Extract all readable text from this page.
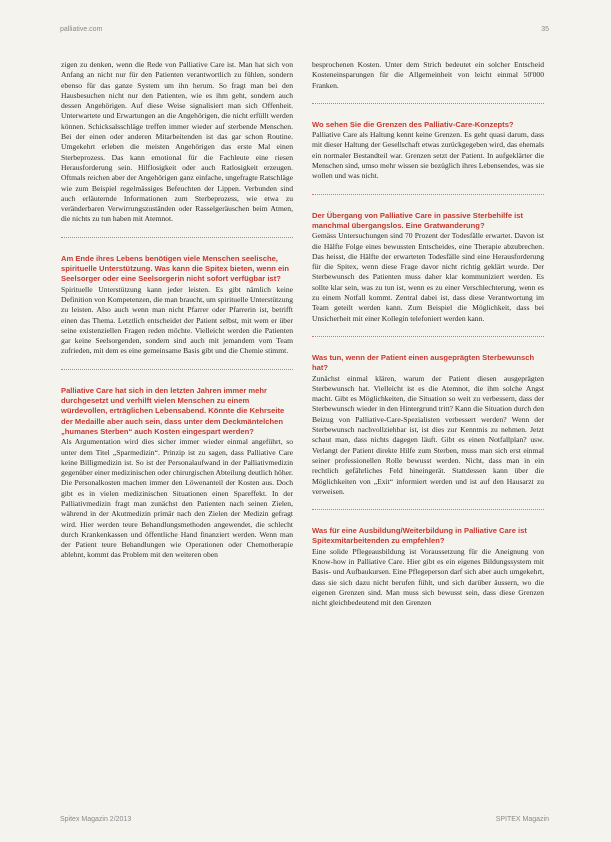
palliative.com	35

zigen zu denken, wenn die Rede von Palliative Care ist. Man hat sich von Anfang an nicht nur für den Patienten verantwortlich zu fühlen, sondern ebenso für das ganze System um ihn herum. So fragt man bei den Hausbesuchen nicht nur den Patienten, wie es ihm geht, sondern auch dessen Angehörigen. Auf diese Weise signalisiert man sich Offenheit. Unterwartete und Erwartungen an die Angehörigen, die nicht erfüllt werden können. Schicksalsschläge treffen immer wieder auf sterbende Menschen. Bei der einen oder anderen Mitarbeitenden ist das gar schon Routine. Umgekehrt erleben die meisten Angehörigen das erste Mal einen Sterbeprozess. Das kann emotional für die Fachleute eine riesen Herausforderung sein. Hilflosigkeit oder auch Ratlosigkeit erzeugen. Oftmals reichen aber der Angehörigen ganz einfache, ungefragte Ratschläge wie zum Beispiel regelmässiges Befeuchten der Lippen. Verbunden sind auch erläuternde Informationen zum Sterbeprozess, wie etwa zu veränderbaren Verwirrungszuständen oder Rasselgeräuschen beim Atmen, die nichts zu tun haben mit Atemnot.

Am Ende ihres Lebens benötigen viele Menschen seelische, spirituelle Unterstützung. Was kann die Spitex bieten, wenn ein Seelsorger oder eine Seelsorgerin nicht sofort verfügbar ist?

Spirituelle Unterstützung kann jeder leisten. Es gibt nämlich keine Definition von Kompetenzen, die man braucht, um spirituelle Unterstützung zu leisten. Also auch wenn man nicht Pfarrer oder Pfarrerin ist, betrifft einen das Thema. Letztlich entscheidet der Patient selbst, mit wem er über seine existenziellen Fragen reden möchte. Vielleicht werden die Patienten gar keine Seelsorgenden, sondern sind auch mit jemandem vom Team zufrieden, mit dem es eine gemeinsame Basis gibt und die Chemie stimmt.

Palliative Care hat sich in den letzten Jahren immer mehr durchgesetzt und verhilft vielen Menschen zu einem würdevollen, erträglichen Lebensabend. Könnte die Kehrseite der Medaille aber auch sein, dass unter dem Deckmäntelchen „humanes Sterben“ auch Kosten eingespart werden?

Als Argumentation wird dies sicher immer wieder einmal angeführt, so unter dem Titel „Sparmedizin“. Prinzip ist zu sagen, dass Palliative Care keine Billigmedizin ist. So ist der Personalaufwand in der Palliativmedizin gegenüber einer medizinischen oder chirurgischen Abteilung deutlich höher. Die Personalkosten machen immer den Löwenanteil der Kosten aus. Doch gibt es in vielen medizinischen Situationen einen Spareffekt. In der Palliativmedizin fragt man zunächst den Patienten nach seinen Zielen, während in der Akutmedizin primär nach den Zielen der Medizin gefragt wird. Hier werden teure Behandlungsmethoden angewendet, die schlecht durch Krankenkassen und öffentliche Hand finanziert werden. Wenn man der Patient teure Behandlungen wie Operationen oder Chemotherapie ablehnt, kommt das Problem mit den weiteren oben

besprochenen Kosten. Unter dem Strich bedeutet ein solcher Entscheid Kosteneinsparungen für die Allgemeinheit von leicht einmal 50'000 Franken.

Wo sehen Sie die Grenzen des Palliativ-Care-Konzepts?

Palliative Care als Haltung kennt keine Grenzen. Es geht quasi darum, dass mit dieser Haltung der Gesellschaft etwas zurückgegeben wird, das ehemals ein normaler Bestandteil war. Grenzen setzt der Patient. In aufgeklärter die Menschen sind, umso mehr wissen sie bezüglich ihres Lebensendes, was sie wollen und was nicht.

Der Übergang von Palliative Care in passive Sterbehilfe ist manchmal übergangslos. Eine Gratwanderung?

Gemäss Untersuchungen sind 70 Prozent der Todesfälle erwartet. Davon ist die Hälfte Folge eines bewussten Entscheides, eine Therapie abzubrechen. Das heisst, die Hälfte der erwarteten Todesfälle sind eine Herausforderung für die Spitex, wenn diese Frage davor nicht richtig geklärt wurde. Der Sterbewunsch des Patienten muss daher klar kommuniziert werden. Es sollte klar sein, was zu tun ist, wenn es zu einer Verschlechterung, wenn es zu einem Notfall kommt. Zentral dabei ist, dass diese Verantwortung im Team geteilt werden kann. Zum Beispiel die Möglichkeit, dass bei Unsicherheit mit einer Kollegin telefoniert werden kann.

Was tun, wenn der Patient einen ausgeprägten Sterbewunsch hat?

Zunächst einmal klären, warum der Patient diesen ausgeprägten Sterbewunsch hat. Vielleicht ist es die Atemnot, die ihm solche Angst macht. Gibt es Möglichkeiten, die Situation so weit zu verbessern, dass der Sterbewunsch wieder in den Hintergrund tritt? Kann die Situation durch den Beizug von Palliative-Care-Spezialisten verbessert werden? Wenn der Sterbewunsch nachvollziehbar ist, ist dies zur Kenntnis zu nehmen. Jetzt schaut man, dass nichts dagegen läuft. Gibt es einen Notfallplan? usw. Verlangt der Patient direkte Hilfe zum Sterben, muss man sich erst einmal seiner professionellen Rolle bewusst werden. Nicht, dass man in ein rechtlich gefährliches Feld hineingerät. Stattdessen kann über die Möglichkeiten von „Exit“ informiert werden und ist auf den Hausarzt zu verweisen.

Was für eine Ausbildung/Weiterbildung in Palliative Care ist Spitexmitarbeitenden zu empfehlen?

Eine solide Pflegeausbildung ist Voraussetzung für die Aneignung von Know-how in Palliative Care. Hier gibt es ein eigenes Bildungssystem mit Basis- und Aufbaukursen. Eine Pflegeperson darf sich aber auch umgekehrt, dass sie sich dazu nicht berufen fühlt, und sich darüber äussern, wo die eigenen Grenzen sind. Man muss sich bewusst sein, dass diese Grenzen nicht gleichbedeutend mit den Grenzen

Spitex Magazin 2/2013	SPITEX Magazin
